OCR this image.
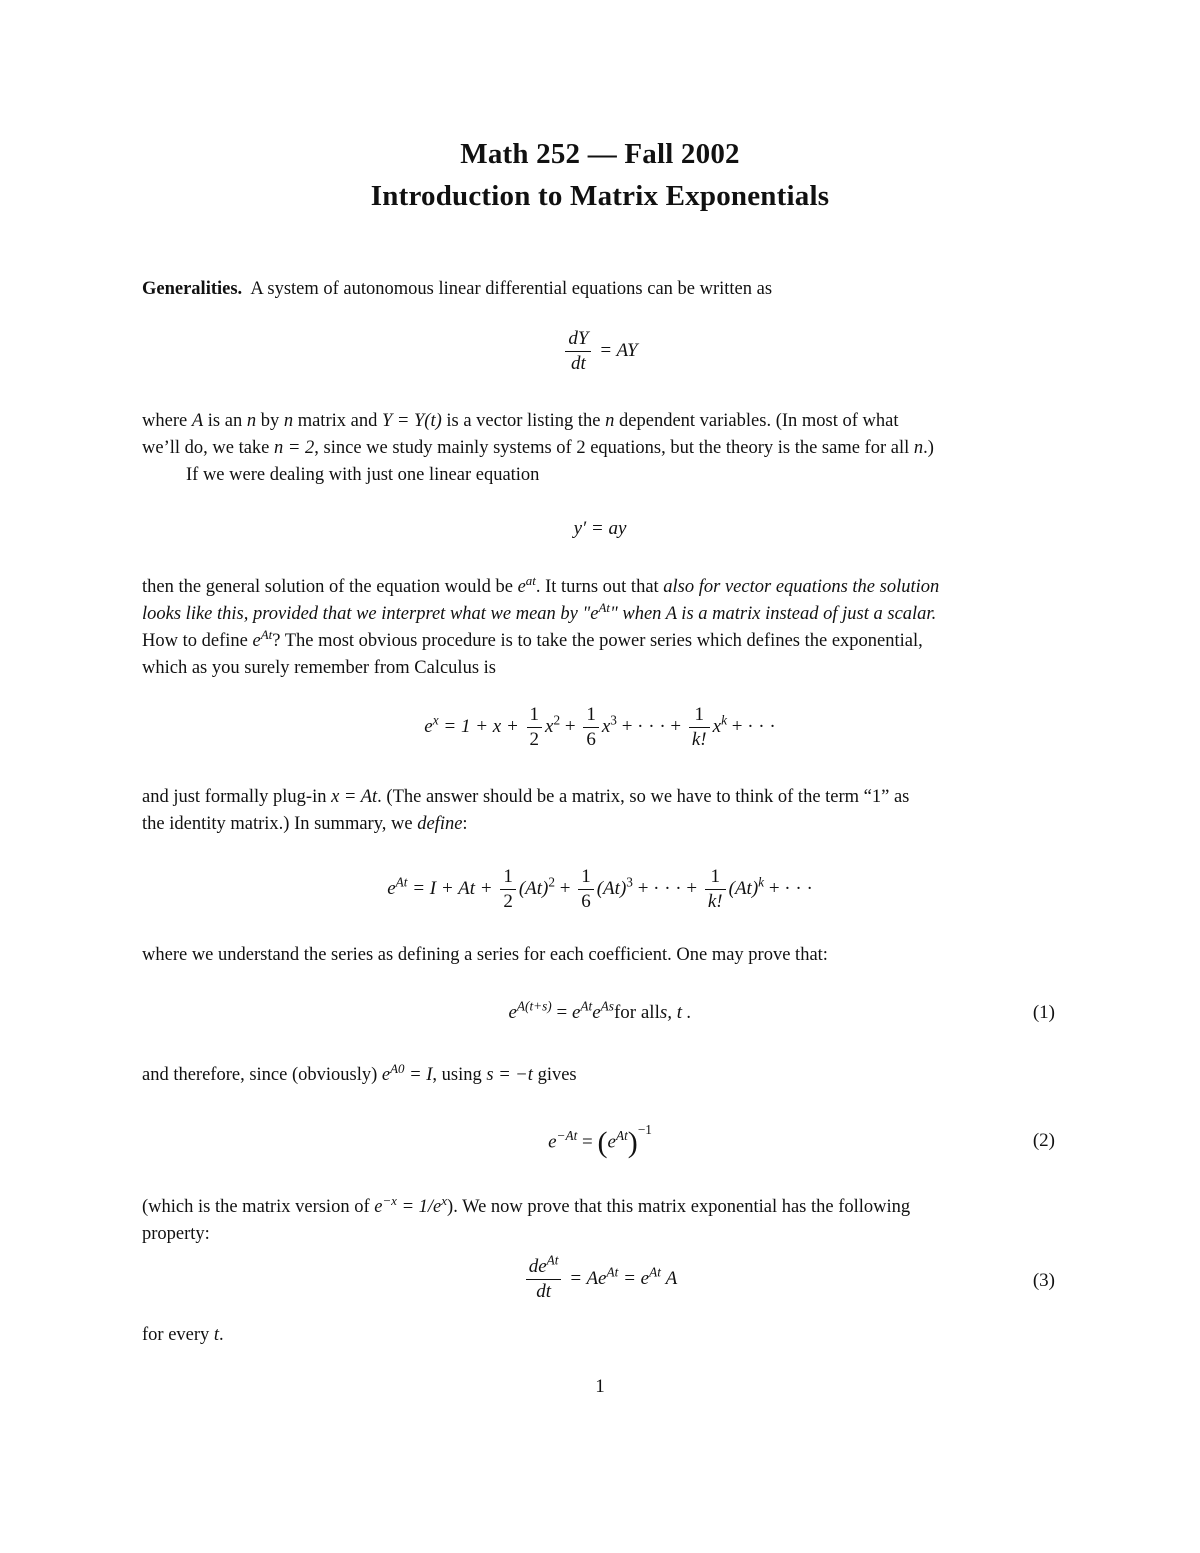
Math 252 — Fall 2002
Introduction to Matrix Exponentials
Generalities. A system of autonomous linear differential equations can be written as
$\frac{dY}{dt}$ = AY
where A is an n by n matrix and Y = Y(t) is a vector listing the n dependent variables. (In most of what
we’ll do, we take n = 2, since we study mainly systems of 2 equations, but the theory is the same for all n.)
If we were dealing with just one linear equation
y′ = ay
then the general solution of the equation would be $e^{at}$. It turns out that also for vector equations the solution
looks like this, provided that we interpret what we mean by "$e^{At}$" when A is a matrix instead of just a scalar.
How to define $e^{At}$? The most obvious procedure is to take the power series which defines the exponential,
which as you surely remember from Calculus is
$e^x = 1 + x + \frac{1}{2} x^2 + \frac{1}{6} x^3$ + · · · + $\frac{1}{k!} x^k$ + · · ·
and just formally plug-in x = At. (The answer should be a matrix, so we have to think of the term “1” as
the identity matrix.) In summary, we define:
$e^{At} = I + At + \frac{1}{2} (At)^2 + \frac{1}{6} (At)^3$ + · · · + $\frac{1}{k!} (At)^k$ + · · ·
where we understand the series as defining a series for each coefficient. One may prove that:
$e^{A(t+s)} = e^{At}e^{As}for$ alls, t .	(1)
and therefore, since (obviously) $e^{A0} = I$, using s = −t gives
$e^{-At} = (e^{At})^{-1}$
(2)
(which is the matrix version of $e^{-x} = 1/e^x$). We now prove that this matrix exponential has the following
property:
$\frac{de^{At}}{dt} = Ae^{At} = e^{At}$ A	(3)
for every t.
1
